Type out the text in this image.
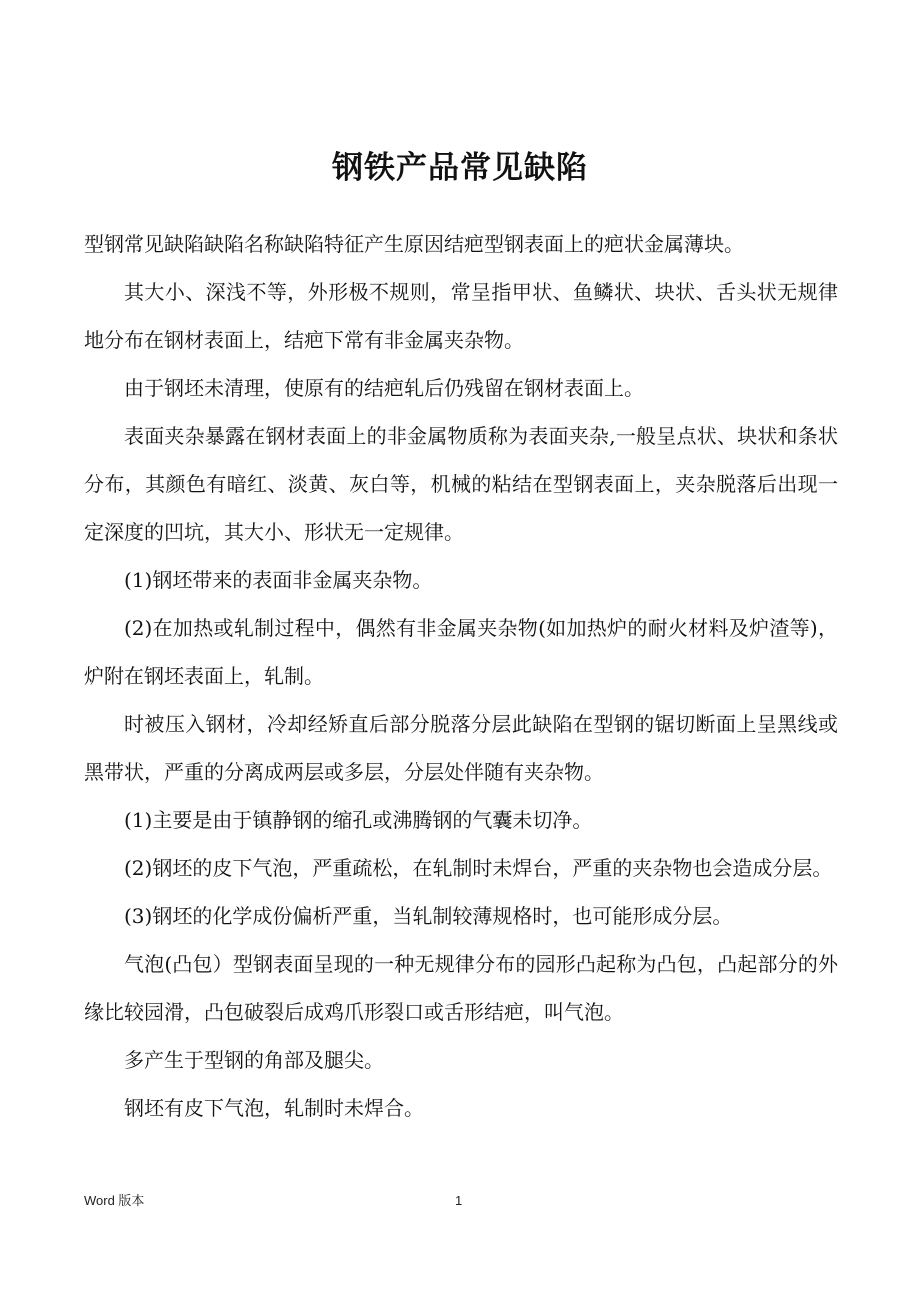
钢铁产品常见缺陷

型钢常见缺陷缺陷名称缺陷特征产生原因结疤型钢表面上的疤状金属薄块。

其大小、深浅不等，外形极不规则，常呈指甲状、鱼鳞状、块状、舌头状无规律地分布在钢材表面上，结疤下常有非金属夹杂物。

由于钢坯未清理，使原有的结疤轧后仍残留在钢材表面上。

表面夹杂暴露在钢材表面上的非金属物质称为表面夹杂,一般呈点状、块状和条状分布，其颜色有暗红、淡黄、灰白等，机械的粘结在型钢表面上，夹杂脱落后出现一定深度的凹坑，其大小、形状无一定规律。

(1)钢坯带来的表面非金属夹杂物。

(2)在加热或轧制过程中，偶然有非金属夹杂物(如加热炉的耐火材料及炉渣等)，炉附在钢坯表面上，轧制。

时被压入钢材，冷却经矫直后部分脱落分层此缺陷在型钢的锯切断面上呈黑线或黑带状，严重的分离成两层或多层，分层处伴随有夹杂物。

(1)主要是由于镇静钢的缩孔或沸腾钢的气囊未切净。

(2)钢坯的皮下气泡，严重疏松，在轧制时未焊台，严重的夹杂物也会造成分层。

(3)钢坯的化学成份偏析严重，当轧制较薄规格时，也可能形成分层。

气泡(凸包）型钢表面呈现的一种无规律分布的园形凸起称为凸包，凸起部分的外缘比较园滑，凸包破裂后成鸡爪形裂口或舌形结疤，叫气泡。

多产生于型钢的角部及腿尖。

钢坯有皮下气泡，轧制时未焊合。

Word 版本	1
